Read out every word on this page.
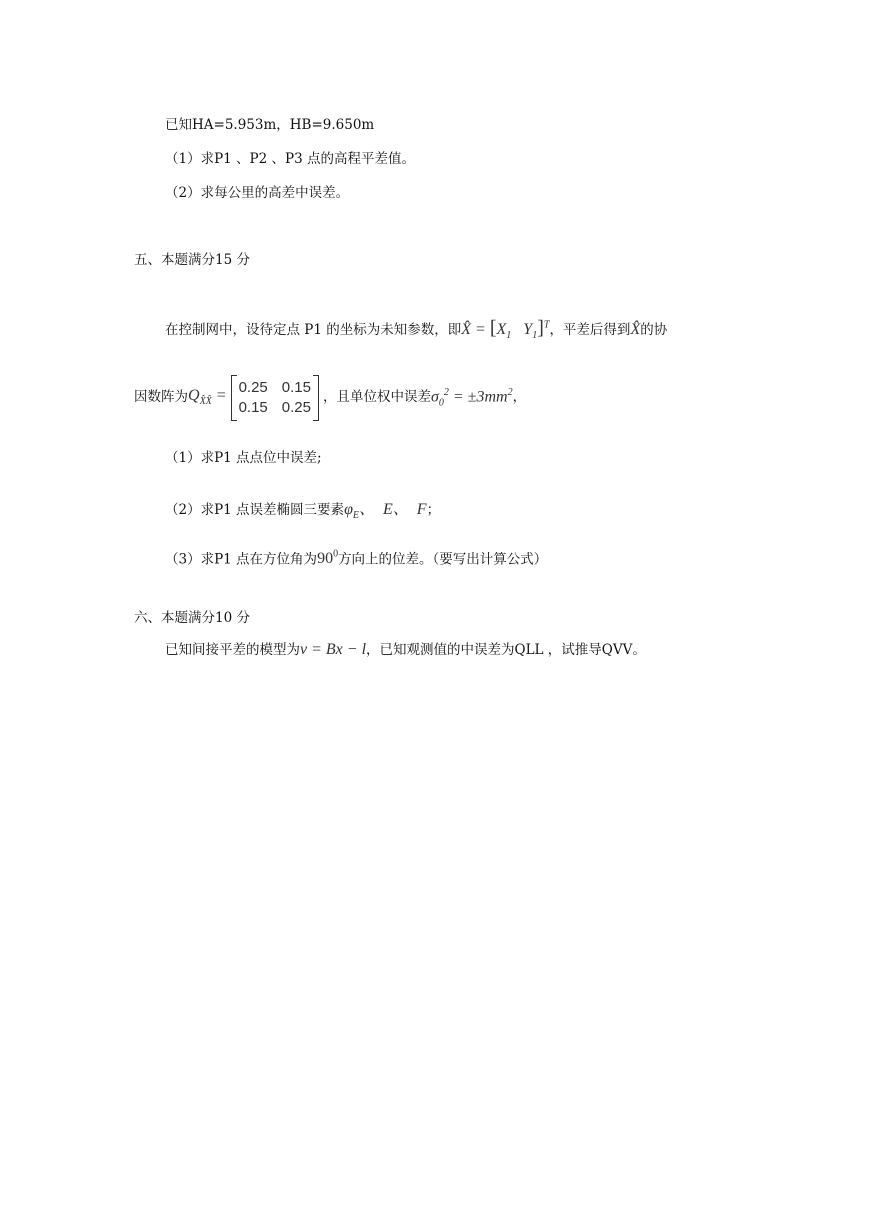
已知HA=5.953m，HB=9.650m
（1）求P1 、P2 、P3 点的高程平差值。
（2）求每公里的高差中误差。
五、本题满分15 分
在控制网中，设待定点 P1 的坐标为未知参数，即X̂ = [$X_1$   $Y_1]^T$，平差后得到X̂的协
因数阵为 $Q_{X̂X̂} = 0.25$ 0.15
0.15 0.25
，且单位权中误差 $\sigma_0^2 = \pm 3mm^2$ ，
（1）求P1 点点位中误差;
（2）求P1 点误差椭圆三要素$\varphi_E$、  E、  F；
（3）求P1 点在方位角为$90^0$方向上的位差。（要写出计算公式）
六、本题满分10 分
已知间接平差的模型为v = Bx − l，已知观测值的中误差为QLL ，试推导QVV。
